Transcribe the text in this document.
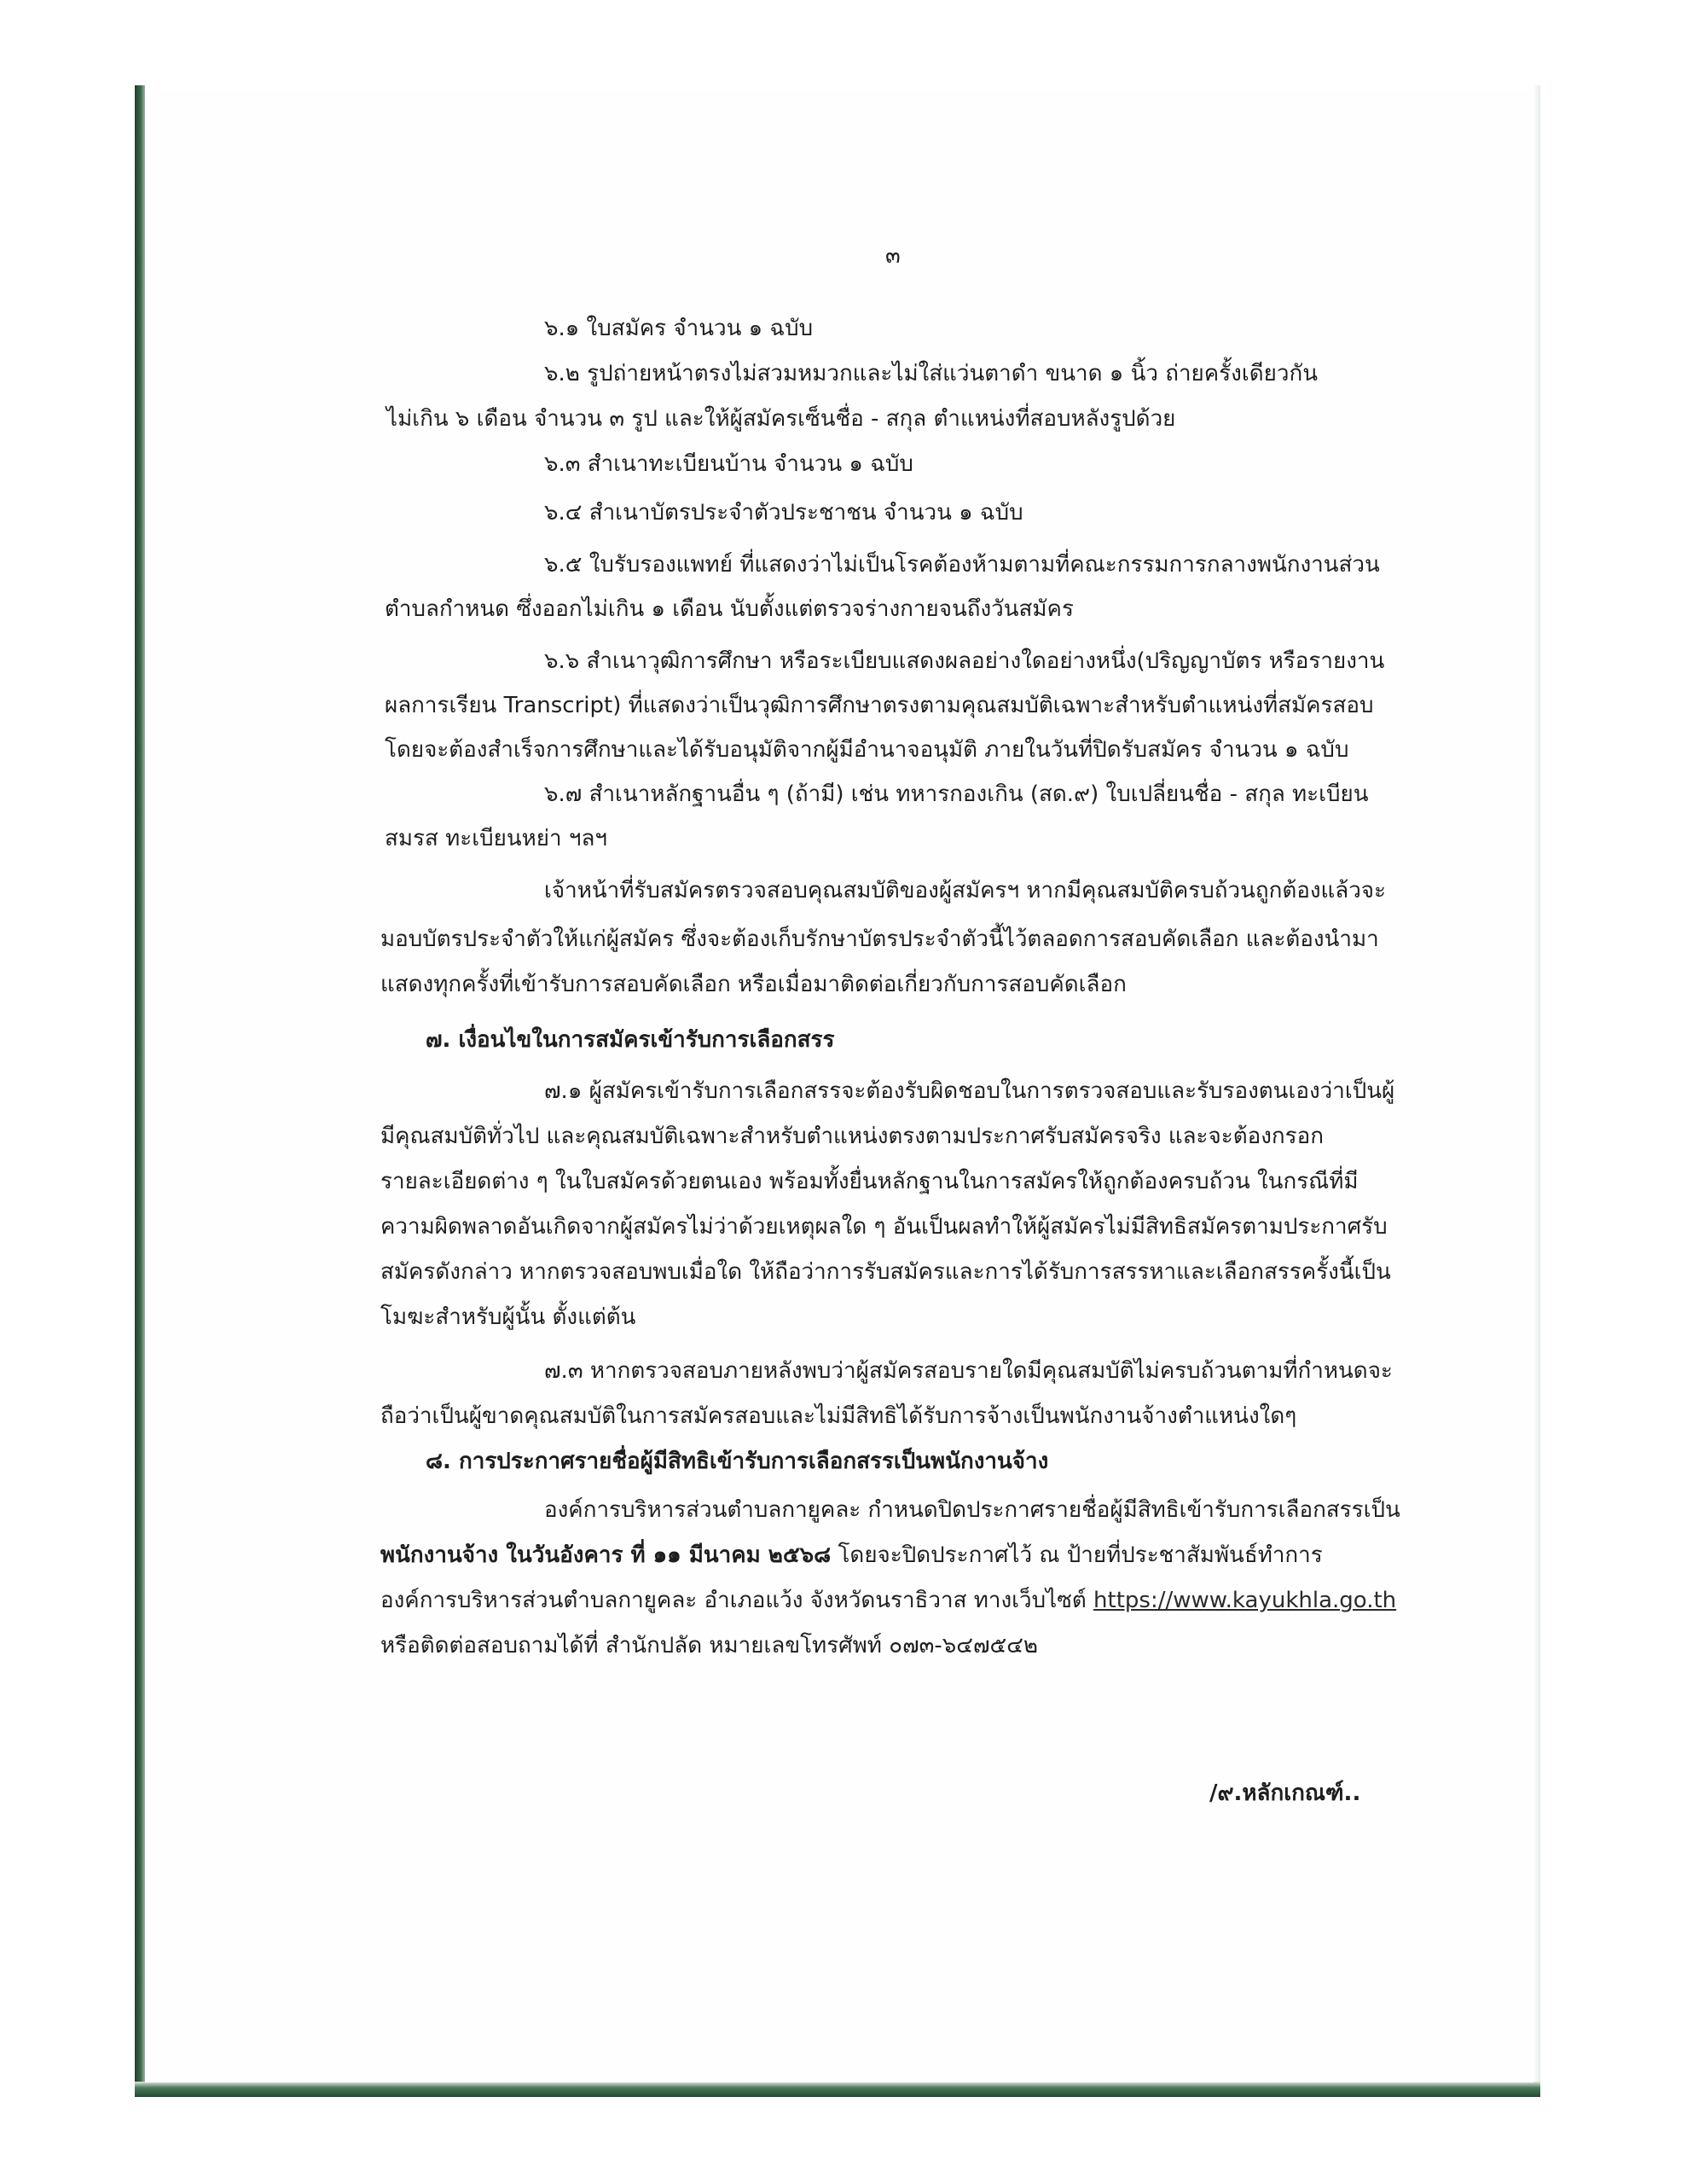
๓
๖.๑ ใบสมัคร จำนวน ๑ ฉบับ
๖.๒ รูปถ่ายหน้าตรงไม่สวมหมวกและไม่ใส่แว่นตาดำ ขนาด ๑ นิ้ว ถ่ายครั้งเดียวกัน
ไม่เกิน ๖ เดือน จำนวน ๓ รูป และให้ผู้สมัครเซ็นชื่อ - สกุล ตำแหน่งที่สอบหลังรูปด้วย
๖.๓ สำเนาทะเบียนบ้าน จำนวน ๑ ฉบับ
๖.๔ สำเนาบัตรประจำตัวประชาชน จำนวน ๑ ฉบับ
๖.๕ ใบรับรองแพทย์ ที่แสดงว่าไม่เป็นโรคต้องห้ามตามที่คณะกรรมการกลางพนักงานส่วน
ตำบลกำหนด ซึ่งออกไม่เกิน ๑ เดือน นับตั้งแต่ตรวจร่างกายจนถึงวันสมัคร
๖.๖ สำเนาวุฒิการศึกษา หรือระเบียบแสดงผลอย่างใดอย่างหนึ่ง(ปริญญาบัตร หรือรายงาน
ผลการเรียน Transcript) ที่แสดงว่าเป็นวุฒิการศึกษาตรงตามคุณสมบัติเฉพาะสำหรับตำแหน่งที่สมัครสอบ
โดยจะต้องสำเร็จการศึกษาและได้รับอนุมัติจากผู้มีอำนาจอนุมัติ ภายในวันที่ปิดรับสมัคร จำนวน ๑ ฉบับ
๖.๗ สำเนาหลักฐานอื่น ๆ (ถ้ามี) เช่น ทหารกองเกิน (สด.๙) ใบเปลี่ยนชื่อ - สกุล ทะเบียน
สมรส ทะเบียนหย่า ฯลฯ
เจ้าหน้าที่รับสมัครตรวจสอบคุณสมบัติของผู้สมัครฯ หากมีคุณสมบัติครบถ้วนถูกต้องแล้วจะ
มอบบัตรประจำตัวให้แก่ผู้สมัคร ซึ่งจะต้องเก็บรักษาบัตรประจำตัวนี้ไว้ตลอดการสอบคัดเลือก และต้องนำมา
แสดงทุกครั้งที่เข้ารับการสอบคัดเลือก หรือเมื่อมาติดต่อเกี่ยวกับการสอบคัดเลือก
๗. เงื่อนไขในการสมัครเข้ารับการเลือกสรร
๗.๑ ผู้สมัครเข้ารับการเลือกสรรจะต้องรับผิดชอบในการตรวจสอบและรับรองตนเองว่าเป็นผู้
มีคุณสมบัติทั่วไป และคุณสมบัติเฉพาะสำหรับตำแหน่งตรงตามประกาศรับสมัครจริง และจะต้องกรอก
รายละเอียดต่าง ๆ ในใบสมัครด้วยตนเอง พร้อมทั้งยื่นหลักฐานในการสมัครให้ถูกต้องครบถ้วน ในกรณีที่มี
ความผิดพลาดอันเกิดจากผู้สมัครไม่ว่าด้วยเหตุผลใด ๆ อันเป็นผลทำให้ผู้สมัครไม่มีสิทธิสมัครตามประกาศรับ
สมัครดังกล่าว หากตรวจสอบพบเมื่อใด ให้ถือว่าการรับสมัครและการได้รับการสรรหาและเลือกสรรครั้งนี้เป็น
โมฆะสำหรับผู้นั้น ตั้งแต่ต้น
๗.๓ หากตรวจสอบภายหลังพบว่าผู้สมัครสอบรายใดมีคุณสมบัติไม่ครบถ้วนตามที่กำหนดจะ
ถือว่าเป็นผู้ขาดคุณสมบัติในการสมัครสอบและไม่มีสิทธิได้รับการจ้างเป็นพนักงานจ้างตำแหน่งใดๆ
๘. การประกาศรายชื่อผู้มีสิทธิเข้ารับการเลือกสรรเป็นพนักงานจ้าง
องค์การบริหารส่วนตำบลกายูคละ กำหนดปิดประกาศรายชื่อผู้มีสิทธิเข้ารับการเลือกสรรเป็น
พนักงานจ้าง ในวันอังคาร ที่ ๑๑ มีนาคม ๒๕๖๘ โดยจะปิดประกาศไว้ ณ ป้ายที่ประชาสัมพันธ์ทำการ
องค์การบริหารส่วนตำบลกายูคละ อำเภอแว้ง จังหวัดนราธิวาส ทางเว็บไซต์ https://www.kayukhla.go.th
หรือติดต่อสอบถามได้ที่ สำนักปลัด หมายเลขโทรศัพท์ ๐๗๓-๖๔๗๕๔๒
/๙.หลักเกณฑ์..
